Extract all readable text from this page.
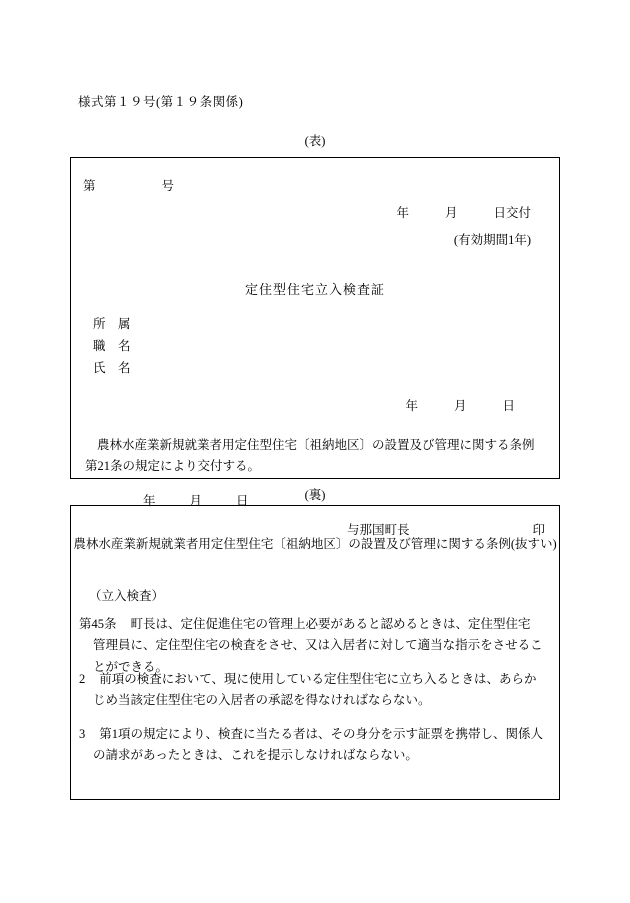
様式第１９号(第１９条関係)
(表)
第	号
年	月	日交付
(有効期間1年)
定住型住宅立入検査証
所　属
職　名
氏　名
年	月	日
農林水産業新規就業者用定住型住宅〔祖納地区〕の設置及び管理に関する条例第21条の規定により交付する。
年	月	日
与那国町長	印
(裏)
農林水産業新規就業者用定住型住宅〔祖納地区〕の設置及び管理に関する条例(抜すい)
（立入検査）
第45条 町長は、定住促進住宅の管理上必要があると認めるときは、定住型住宅管理員に、定住型住宅の検査をさせ、又は入居者に対して適当な指示をさせることができる。
2 前項の検査において、現に使用している定住型住宅に立ち入るときは、あらかじめ当該定住型住宅の入居者の承認を得なければならない。
3 第1項の規定により、検査に当たる者は、その身分を示す証票を携帯し、関係人の請求があったときは、これを提示しなければならない。
